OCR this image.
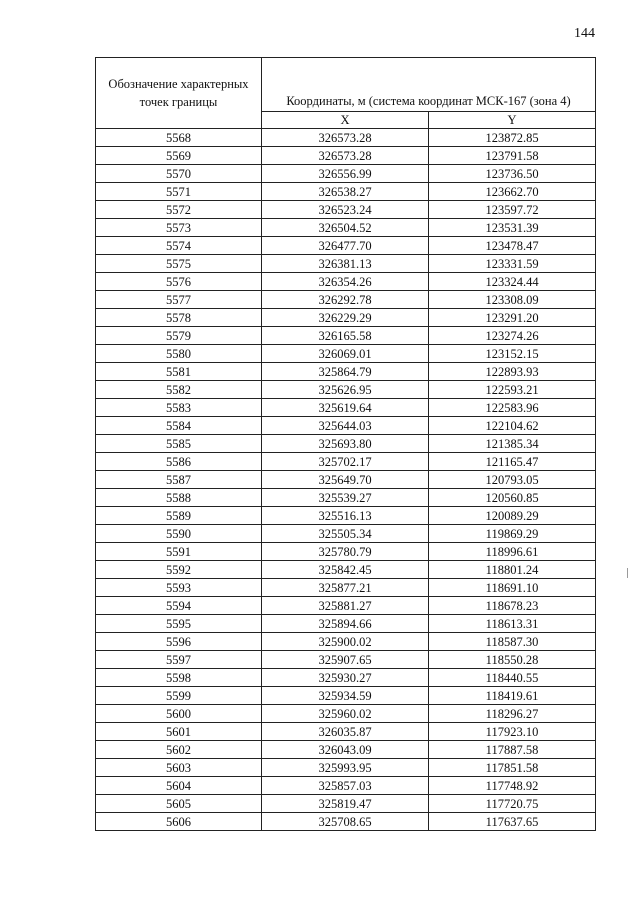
144
Обозначение характерных точек границы	Координаты, м (система координат МСК-167 (зона 4)	
	X	Y
5568	326573.28	123872.85
5569	326573.28	123791.58
5570	326556.99	123736.50
5571	326538.27	123662.70
5572	326523.24	123597.72
5573	326504.52	123531.39
5574	326477.70	123478.47
5575	326381.13	123331.59
5576	326354.26	123324.44
5577	326292.78	123308.09
5578	326229.29	123291.20
5579	326165.58	123274.26
5580	326069.01	123152.15
5581	325864.79	122893.93
5582	325626.95	122593.21
5583	325619.64	122583.96
5584	325644.03	122104.62
5585	325693.80	121385.34
5586	325702.17	121165.47
5587	325649.70	120793.05
5588	325539.27	120560.85
5589	325516.13	120089.29
5590	325505.34	119869.29
5591	325780.79	118996.61
5592	325842.45	118801.24
5593	325877.21	118691.10
5594	325881.27	118678.23
5595	325894.66	118613.31
5596	325900.02	118587.30
5597	325907.65	118550.28
5598	325930.27	118440.55
5599	325934.59	118419.61
5600	325960.02	118296.27
5601	326035.87	117923.10
5602	326043.09	117887.58
5603	325993.95	117851.58
5604	325857.03	117748.92
5605	325819.47	117720.75
5606	325708.65	117637.65
